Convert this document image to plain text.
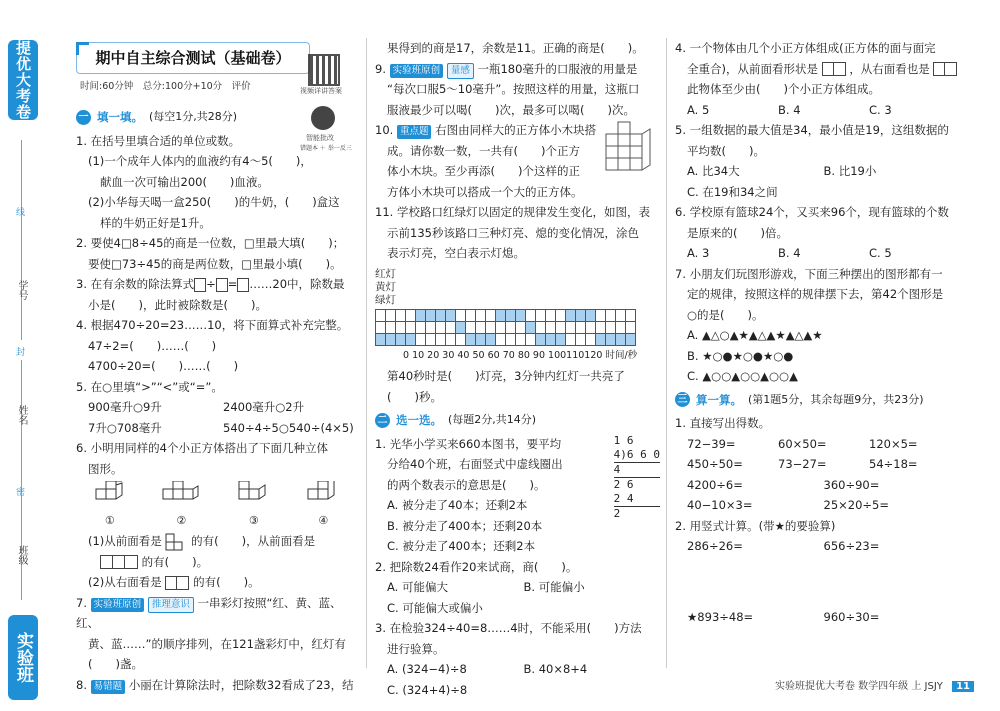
提优大考卷
线
封
密
学号
姓名
班级
实验班
期中自主综合测试（基础卷）
时间:60分钟　总分:100分+10分　评价	视频详讲答案
智能批改
错题本 ＋ 举一反三
一 填一填。 (每空1分,共28分)
1. 在括号里填合适的单位或数。
(1)一个成年人体内的血液约有4～5(　　)，
献血一次可输出200(　　)血液。
(2)小华每天喝一盒250(　　)的牛奶，(　　)盒这
样的牛奶正好是1升。
2. 要使4□8÷45的商是一位数，□里最大填(　　)；
要使□73÷45的商是两位数，□里最小填(　　)。
3. 在有余数的除法算式 ÷ = ……20中，除数最
小是(　　)，此时被除数是(　　)。
4. 根据470÷20=23……10，将下面算式补充完整。
47÷2=(　　)……(　　)
4700÷20=(　　)……(　　)
5. 在○里填“>”“<”或“=”。
900毫升○9升	2400毫升○2升
7升○708毫升	540÷4÷5○540÷(4×5)
6. 小明用同样的4个小正方体搭出了下面几种立体
图形。
①	②	③	④
(1)从前面看是	的有(　　)，从前面看是
的有(　　)。
(2)从右面看是	的有(　　)。
7. 实验班原创 推理意识 一串彩灯按照“红、黄、蓝、红、
黄、蓝……”的顺序排列，在121盏彩灯中，红灯有
(　　)盏。
8. 易错题 小丽在计算除法时，把除数32看成了23，结
果得到的商是17，余数是11。正确的商是(　　)。
9. 实验班原创 量感 一瓶180毫升的口服液的用量是
“每次口服5～10毫升”。按照这样的用量，这瓶口
服液最少可以喝(　　)次，最多可以喝(　　)次。
10. 重点题 右图由同样大的正方体小木块搭
成。请你数一数，一共有(　　)个正方
体小木块。至少再添(　　)个这样的正
方体小木块可以搭成一个大的正方体。
11. 学校路口红绿灯以固定的规律发生变化，如图，表
示前135秒该路口三种灯亮、熄的变化情况，涂色
表示灯亮，空白表示灯熄。
红灯
黄灯
绿灯

0 10 20 30 40 50 60 70 80 90 100110120 时间/秒
第40秒时是(　　)灯亮，3分钟内红灯一共亮了
(　　)秒。
二 选一选。 (每题2分,共14分)
1 6
4)6 6 0
4
2 6
2 4
2
1. 光华小学买来660本图书，要平均
分给40个班，右面竖式中虚线圈出
的两个数表示的意思是(　　)。
A. 被分走了40本；还剩2本
B. 被分走了400本；还剩20本
C. 被分走了400本；还剩2本
2. 把除数24看作20来试商，商(　　)。
A. 可能偏大	B. 可能偏小
C. 可能偏大或偏小
3. 在检验324÷40=8……4时，不能采用(　　)方法
进行验算。
A. (324−4)÷8	B. 40×8+4
C. (324+4)÷8
4. 一个物体由几个小正方体组成(正方体的面与面完
全重合)，从前面看形状是	，从右面看也是
此物体至少由(　　)个小正方体组成。
A. 5	B. 4	C. 3
5. 一组数据的最大值是34，最小值是19，这组数据的
平均数(　　)。
A. 比34大	B. 比19小
C. 在19和34之间
6. 学校原有篮球24个，又买来96个，现有篮球的个数
是原来的(　　)倍。
A. 3	B. 4	C. 5
7. 小朋友们玩图形游戏，下面三种摆出的图形都有一
定的规律，按照这样的规律摆下去，第42个图形是
○的是(　　)。
A. ▲△○▲★▲△▲★▲△▲★
B. ★○●★○●★○●
C. ▲○○▲○○▲○○▲
三 算一算。 (第1题5分，其余每题9分，共23分)
1. 直接写出得数。
72−39=	60×50=	120×5=
450÷50=	73−27=	54÷18=
4200÷6=	360÷90=
40−10×3=	25×20÷5=
2. 用竖式计算。(带★的要验算)
286÷26=	656÷23=
★893÷48=	960÷30=
实验班提优大考卷 数学四年级 上 JSJY 11
